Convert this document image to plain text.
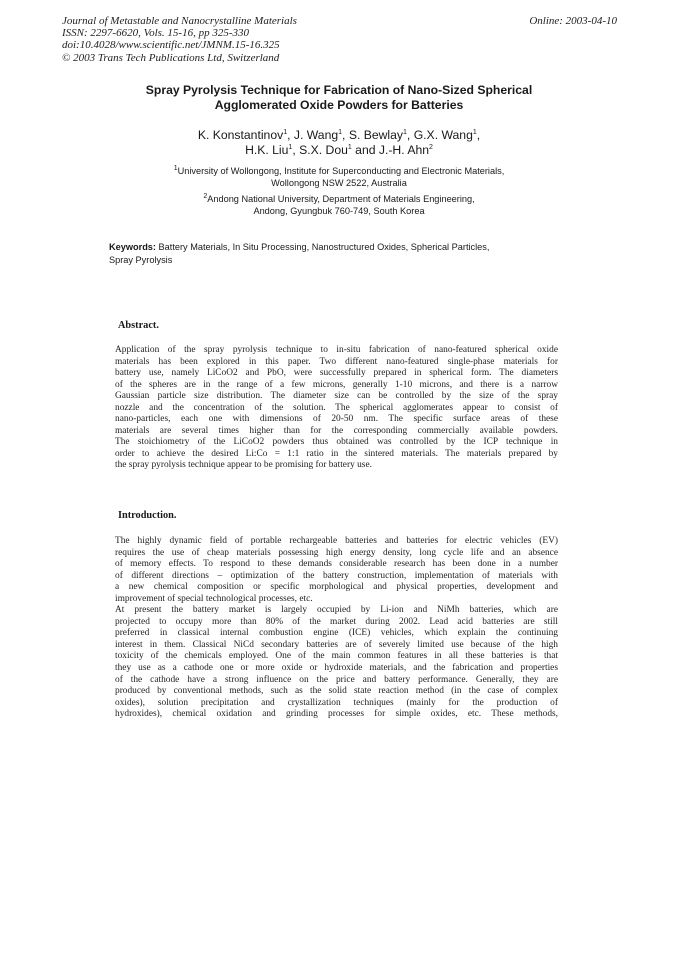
Journal of Metastable and Nanocrystalline Materials
ISSN: 2297-6620, Vols. 15-16, pp 325-330
doi:10.4028/www.scientific.net/JMNM.15-16.325
© 2003 Trans Tech Publications Ltd, Switzerland
Online: 2003-04-10
Spray Pyrolysis Technique for Fabrication of Nano-Sized Spherical
Agglomerated Oxide Powders for Batteries
K. Konstantinov$^1$, J. Wang$^1$, S. Bewlay$^1$, G.X. Wang$^1$,
H.K. Liu$^1$, S.X. Dou$^1$ and J.-H. Ahn$^2$
$^1$University of Wollongong, Institute for Superconducting and Electronic Materials,
Wollongong NSW 2522, Australia
$^2$Andong National University, Department of Materials Engineering,
Andong, Gyungbuk 760-749, South Korea
Keywords: Battery Materials, In Situ Processing, Nanostructured Oxides, Spherical Particles,
Spray Pyrolysis
Abstract.
Application of the spray pyrolysis technique to in-situ fabrication of nano-featured spherical oxide
materials has been explored in this paper. Two different nano-featured single-phase materials for
battery use, namely LiCoO2 and PbO, were successfully prepared in spherical form. The diameters
of the spheres are in the range of a few microns, generally 1-10 microns, and there is a narrow
Gaussian particle size distribution. The diameter size can be controlled by the size of the spray
nozzle and the concentration of the solution. The spherical agglomerates appear to consist of
nano-particles, each one with dimensions of 20-50 nm. The specific surface areas of these
materials are several times higher than for the corresponding commercially available powders.
The stoichiometry of the LiCoO2 powders thus obtained was controlled by the ICP technique in
order to achieve the desired Li:Co = 1:1 ratio in the sintered materials. The materials prepared by
the spray pyrolysis technique appear to be promising for battery use.
Introduction.
The highly dynamic field of portable rechargeable batteries and batteries for electric vehicles (EV)
requires the use of cheap materials possessing high energy density, long cycle life and an absence
of memory effects. To respond to these demands considerable research has been done in a number
of different directions – optimization of the battery construction, implementation of materials with
a new chemical composition or specific morphological and physical properties, development and
improvement of special technological processes, etc.
At present the battery market is largely occupied by Li-ion and NiMh batteries, which are
projected to occupy more than 80% of the market during 2002. Lead acid batteries are still
preferred in classical internal combustion engine (ICE) vehicles, which explain the continuing
interest in them. Classical NiCd secondary batteries are of severely limited use because of the high
toxicity of the chemicals employed. One of the main common features in all these batteries is that
they use as a cathode one or more oxide or hydroxide materials, and the fabrication and properties
of the cathode have a strong influence on the price and battery performance. Generally, they are
produced by conventional methods, such as the solid state reaction method (in the case of complex
oxides), solution precipitation and crystallization techniques (mainly for the production of
hydroxides), chemical oxidation and grinding processes for simple oxides, etc. These methods,
